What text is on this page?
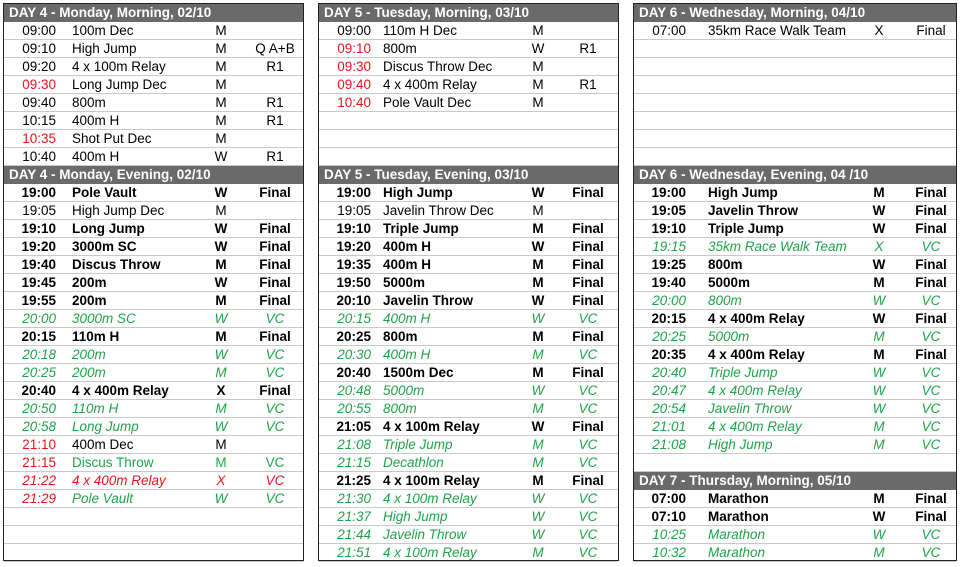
DAY 4 - Monday, Morning, 02/10
09:00 100m Dec	M
09:10 High Jump	M	Q A+B
09:20 4 x 100m Relay	M	R1
09:30 Long Jump Dec	M
09:40 800m	M	R1
10:15 400m H	M	R1
10:35 Shot Put Dec	M
10:40 400m H	W	R1
DAY 4 - Monday, Evening, 02/10
19:00 Pole Vault	W	Final
19:05 High Jump Dec	M
19:10 Long Jump	W	Final
19:20 3000m SC	W	Final
19:40 Discus Throw	M	Final
19:45 200m	W	Final
19:55 200m	M	Final
20:00 3000m SC	W	VC
20:15 110m H	M	Final
20:18 200m	W	VC
20:25 200m	M	VC
20:40 4 x 400m Relay	X	Final
20:50 110m H	M	VC
20:58 Long Jump	W	VC
21:10 400m Dec	M
21:15 Discus Throw	M	VC
21:22 4 x 400m Relay	X	VC
21:29 Pole Vault	W	VC
DAY 5 - Tuesday, Morning, 03/10
09:00 110m H Dec	M
09:10 800m	W	R1
09:30 Discus Throw Dec	M
09:40 4 x 400m Relay	M	R1
10:40 Pole Vault Dec	M
DAY 5 - Tuesday, Evening, 03/10
19:00 High Jump	W	Final
19:05 Javelin Throw Dec	M
19:10 Triple Jump	M	Final
19:20 400m H	W	Final
19:35 400m H	M	Final
19:50 5000m	M	Final
20:10 Javelin Throw	W	Final
20:15 400m H	W	VC
20:25 800m	M	Final
20:30 400m H	M	VC
20:40 1500m Dec	M	Final
20:48 5000m	W	VC
20:55 800m	M	VC
21:05 4 x 100m Relay	W	Final
21:08 Triple Jump	M	VC
21:15 Decathlon	M	VC
21:25 4 x 100m Relay	M	Final
21:30 4 x 100m Relay	W	VC
21:37 High Jump	W	VC
21:44 Javelin Throw	W	VC
21:51 4 x 100m Relay	M	VC
DAY 6 - Wednesday, Morning, 04/10
07:00 35km Race Walk Team	X	Final
DAY 6 - Wednesday, Evening, 04 /10
19:00 High Jump	M	Final
19:05 Javelin Throw	W	Final
19:10 Triple Jump	W	Final
19:15 35km Race Walk Team	X	VC
19:25 800m	W	Final
19:40 5000m	M	Final
20:00 800m	W	VC
20:15 4 x 400m Relay	W	Final
20:25 5000m	M	VC
20:35 4 x 400m Relay	M	Final
20:40 Triple Jump	W	VC
20:47 4 x 400m Relay	W	VC
20:54 Javelin Throw	W	VC
21:01 4 x 400m Relay	M	VC
21:08 High Jump	M	VC
DAY 7 - Thursday, Morning, 05/10
07:00 Marathon	M	Final
07:10 Marathon	W	Final
10:25 Marathon	W	VC
10:32 Marathon	M	VC
